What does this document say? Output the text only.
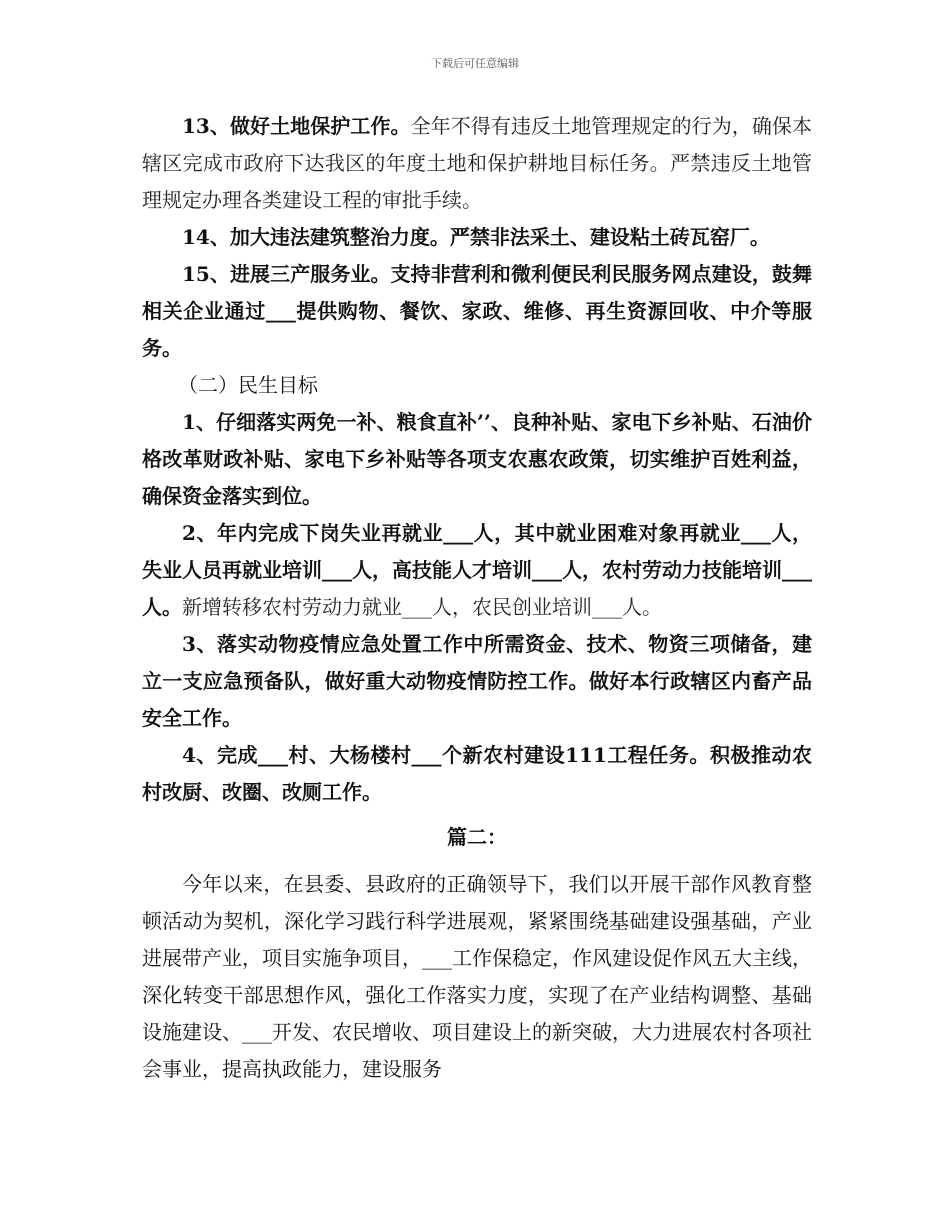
下载后可任意编辑

13、做好土地保护工作。全年不得有违反土地管理规定的行为，确保本辖区完成市政府下达我区的年度土地和保护耕地目标任务。严禁违反土地管理规定办理各类建设工程的审批手续。

14、加大违法建筑整治力度。严禁非法采土、建设粘土砖瓦窑厂。

15、进展三产服务业。支持非营利和微利便民利民服务网点建设，鼓舞相关企业通过___提供购物、餐饮、家政、维修、再生资源回收、中介等服务。

（二）民生目标

1、仔细落实两免一补、粮食直补’’、良种补贴、家电下乡补贴、石油价格改革财政补贴、家电下乡补贴等各项支农惠农政策，切实维护百姓利益，确保资金落实到位。

2、年内完成下岗失业再就业___人，其中就业困难对象再就业___人，失业人员再就业培训___人，高技能人才培训___人，农村劳动力技能培训___人。新增转移农村劳动力就业___人，农民创业培训___人。

3、落实动物疫情应急处置工作中所需资金、技术、物资三项储备，建立一支应急预备队，做好重大动物疫情防控工作。做好本行政辖区内畜产品安全工作。

4、完成___村、大杨楼村___个新农村建设111工程任务。积极推动农村改厨、改圈、改厕工作。

篇二：

今年以来，在县委、县政府的正确领导下，我们以开展干部作风教育整顿活动为契机，深化学习践行科学进展观，紧紧围绕基础建设强基础，产业进展带产业，项目实施争项目，___工作保稳定，作风建设促作风五大主线，深化转变干部思想作风，强化工作落实力度，实现了在产业结构调整、基础设施建设、___开发、农民增收、项目建设上的新突破，大力进展农村各项社会事业，提高执政能力，建设服务
